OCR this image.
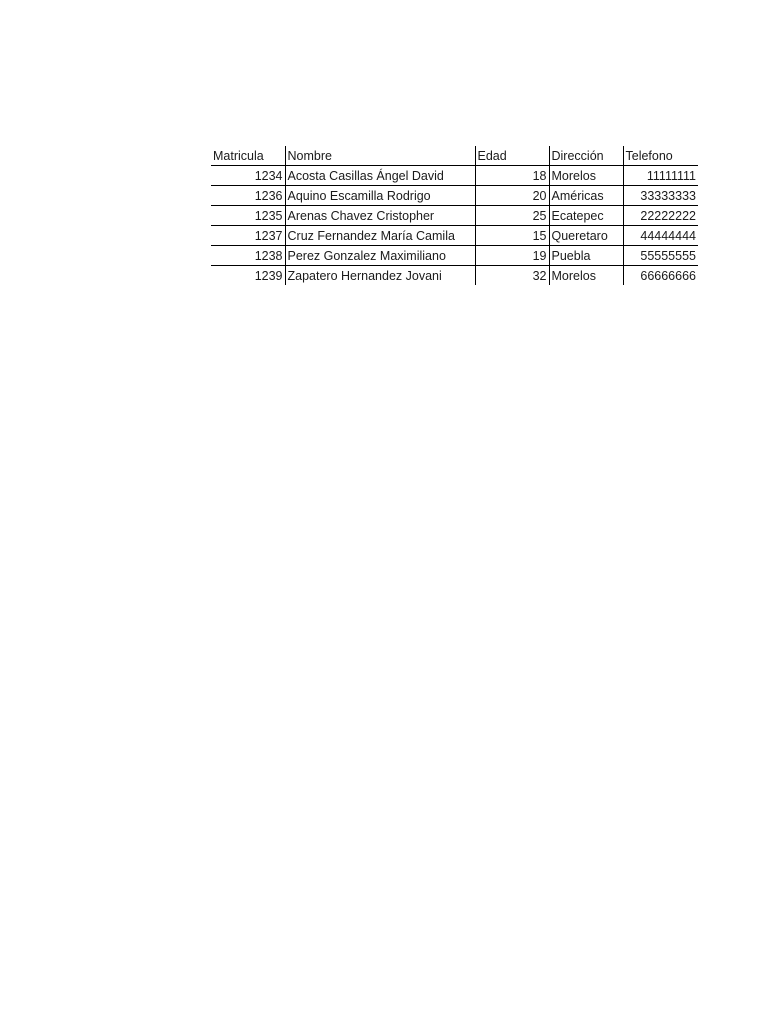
Matricula	Nombre	Edad	Dirección	Telefono
1234	Acosta Casillas Ángel David	18	Morelos	11111111
1236	Aquino Escamilla Rodrigo	20	Américas	33333333
1235	Arenas Chavez Cristopher	25	Ecatepec	22222222
1237	Cruz Fernandez María Camila	15	Queretaro	44444444
1238	Perez Gonzalez Maximiliano	19	Puebla	55555555
1239	Zapatero Hernandez Jovani	32	Morelos	66666666
